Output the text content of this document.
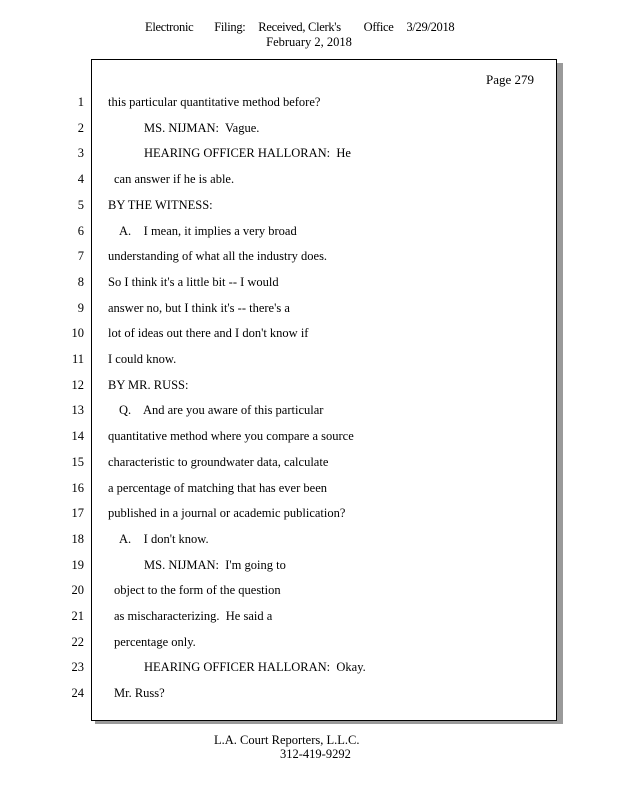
Electronic Filing: Received, Clerk's Office 3/29/2018
February 2, 2018
Page 279
1 this particular quantitative method before?
2	MS. NIJMAN:  Vague.
3	HEARING OFFICER HALLORAN:  He
4 can answer if he is able.
5 BY THE WITNESS:
6	A.    I mean, it implies a very broad
7 understanding of what all the industry does.
8 So I think it's a little bit -- I would
9 answer no, but I think it's -- there's a
10 lot of ideas out there and I don't know if
11 I could know.
12 BY MR. RUSS:
13	Q.    And are you aware of this particular
14 quantitative method where you compare a source
15 characteristic to groundwater data, calculate
16 a percentage of matching that has ever been
17 published in a journal or academic publication?
18	A.    I don't know.
19	MS. NIJMAN:  I'm going to
20 object to the form of the question
21 as mischaracterizing.  He said a
22 percentage only.
23	HEARING OFFICER HALLORAN:  Okay.
24 Mr. Russ?
L.A. Court Reporters, L.L.C.
312-419-9292
